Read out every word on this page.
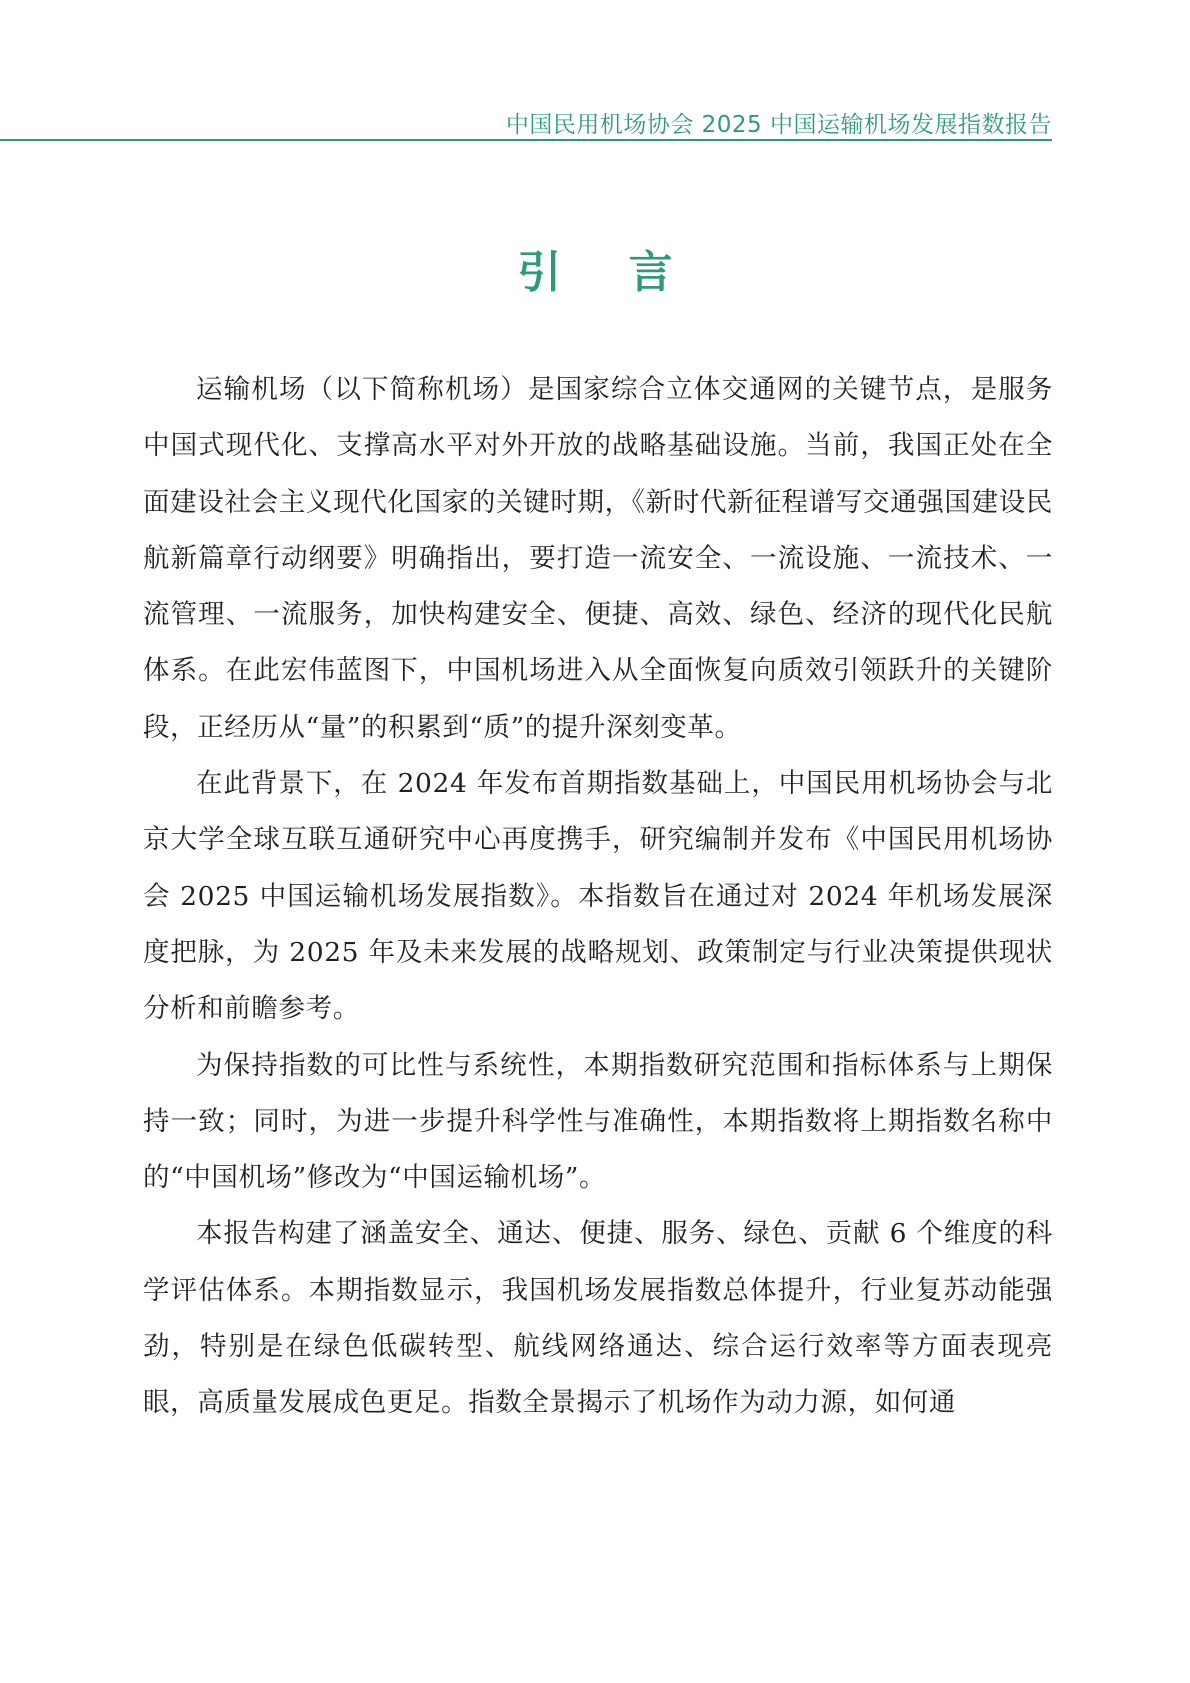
中国民用机场协会 2025 中国运输机场发展指数报告
引 言

运输机场（以下简称机场）是国家综合立体交通网的关键节点，是服务中国式现代化、支撑高水平对外开放的战略基础设施。当前，我国正处在全面建设社会主义现代化国家的关键时期，《新时代新征程谱写交通强国建设民航新篇章行动纲要》明确指出，要打造一流安全、一流设施、一流技术、一流管理、一流服务，加快构建安全、便捷、高效、绿色、经济的现代化民航体系。在此宏伟蓝图下，中国机场进入从全面恢复向质效引领跃升的关键阶段，正经历从“量”的积累到“质”的提升深刻变革。

在此背景下，在 2024 年发布首期指数基础上，中国民用机场协会与北京大学全球互联互通研究中心再度携手，研究编制并发布《中国民用机场协会 2025 中国运输机场发展指数》。本指数旨在通过对 2024 年机场发展深度把脉，为 2025 年及未来发展的战略规划、政策制定与行业决策提供现状分析和前瞻参考。

为保持指数的可比性与系统性，本期指数研究范围和指标体系与上期保持一致；同时，为进一步提升科学性与准确性，本期指数将上期指数名称中的“中国机场”修改为“中国运输机场”。

本报告构建了涵盖安全、通达、便捷、服务、绿色、贡献 6 个维度的科学评估体系。本期指数显示，我国机场发展指数总体提升，行业复苏动能强劲，特别是在绿色低碳转型、航线网络通达、综合运行效率等方面表现亮眼，高质量发展成色更足。指数全景揭示了机场作为动力源，如何通
